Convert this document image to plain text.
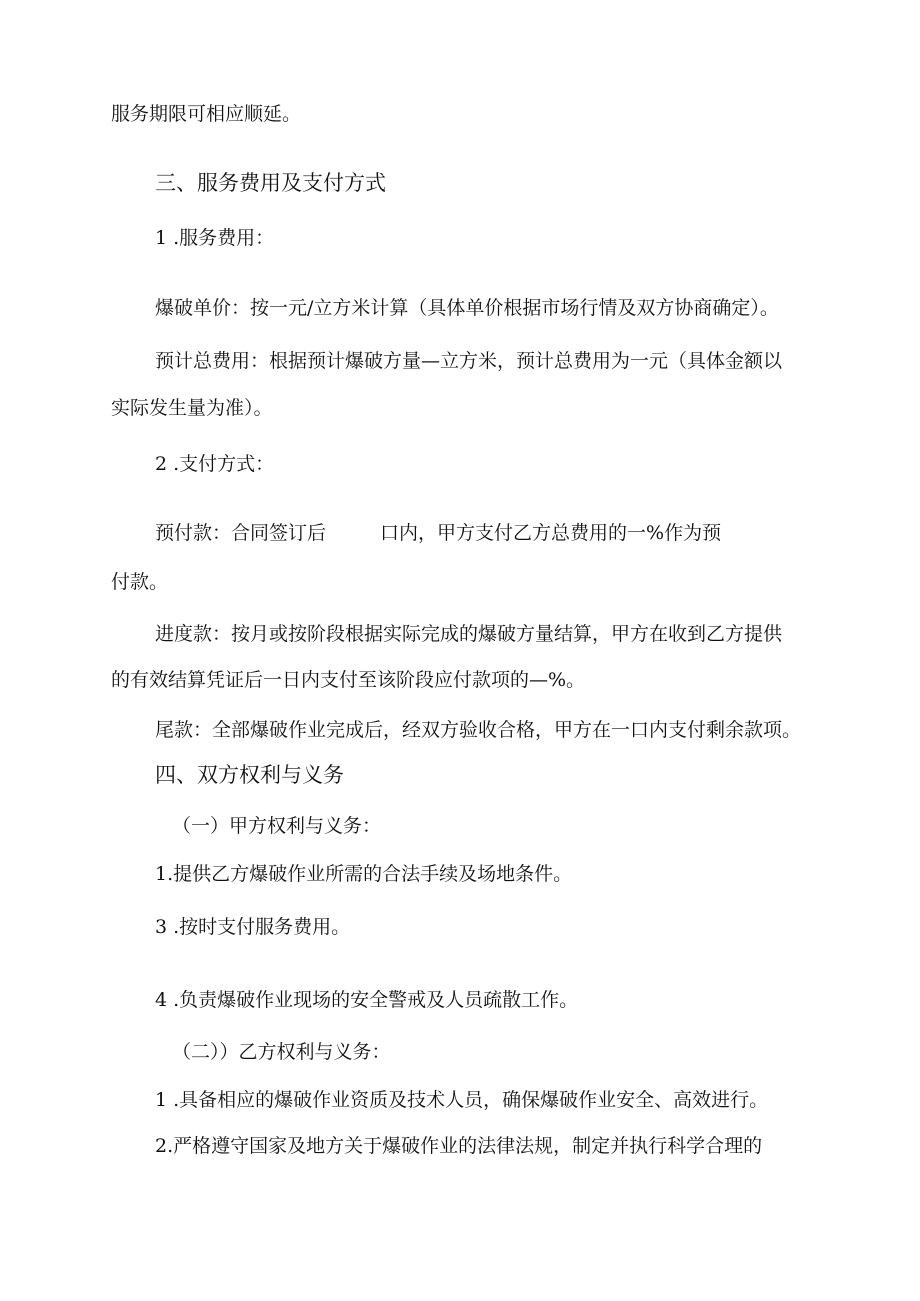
服务期限可相应顺延。
三、服务费用及支付方式
1 .服务费用：
爆破单价：按一元/立方米计算（具体单价根据市场行情及双方协商确定）。
预计总费用：根据预计爆破方量—立方米，预计总费用为一元（具体金额以
实际发生量为准）。
2 .支付方式：
预付款：合同签订后 口内，甲方支付乙方总费用的一%作为预
付款。
进度款：按月或按阶段根据实际完成的爆破方量结算，甲方在收到乙方提供
的有效结算凭证后一日内支付至该阶段应付款项的—%。
尾款：全部爆破作业完成后，经双方验收合格，甲方在一口内支付剩余款项。
四、双方权利与义务
（一）甲方权利与义务：
1.提供乙方爆破作业所需的合法手续及场地条件。
3 .按时支付服务费用。
4 .负责爆破作业现场的安全警戒及人员疏散工作。
（二））乙方权利与义务：
1 .具备相应的爆破作业资质及技术人员，确保爆破作业安全、高效进行。
2.严格遵守国家及地方关于爆破作业的法律法规，制定并执行科学合理的
